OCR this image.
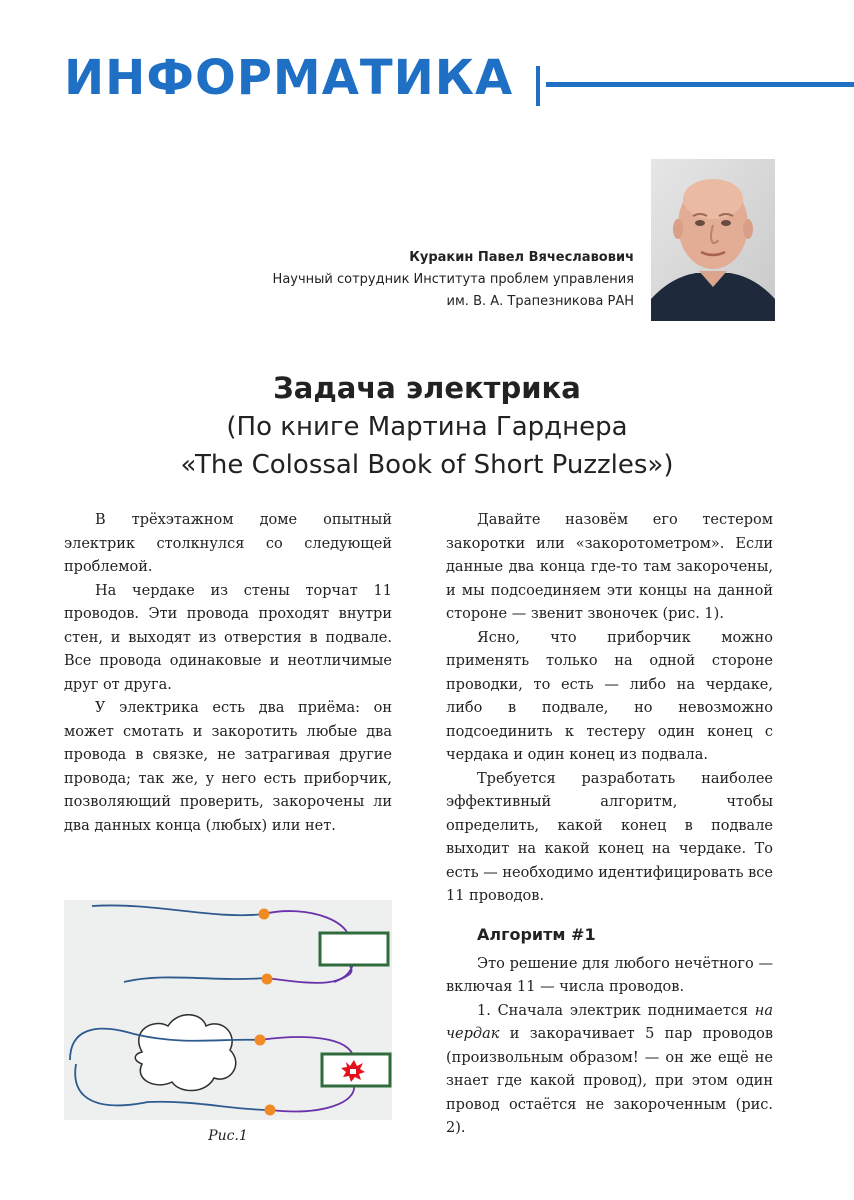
ИНФОРМАТИКА
Куракин Павел Вячеславович
Научный сотрудник Института проблем управления
им. В. А. Трапезникова РАН
Задача электрика
(По книге Мартина Гарднера
«The Colossal Book of Short Puzzles»)

В трёхэтажном доме опытный электрик столкнулся со следующей проблемой.

На чердаке из стены торчат 11 проводов. Эти провода проходят внутри стен, и выходят из отверстия в подвале. Все провода одинаковые и неотличимые друг от друга.

У электрика есть два приёма: он может смотать и закоротить любые два провода в связке, не затрагивая другие провода; так же, у него есть приборчик, позволяющий проверить, закорочены ли два данных конца (любых) или нет.

Давайте назовём его тестером закоротки или «закоротометром». Если данные два конца где-то там закорочены, и мы подсоединяем эти концы на данной стороне — звенит звоночек (рис. 1).

Ясно, что приборчик можно применять только на одной стороне проводки, то есть — либо на чердаке, либо в подвале, но невозможно подсоединить к тестеру один конец с чердака и один конец из подвала.

Требуется разработать наиболее эффективный алгоритм, чтобы определить, какой конец в подвале выходит на какой конец на чердаке. То есть — необходимо идентифицировать все 11 проводов.

Алгоритм #1

Это решение для любого нечётного — включая 11 — числа проводов.

1. Сначала электрик поднимается на чердак и закорачивает 5 пар проводов (произвольным образом! — он же ещё не знает где какой провод), при этом один провод остаётся не закороченным (рис. 2).

Рис.1
